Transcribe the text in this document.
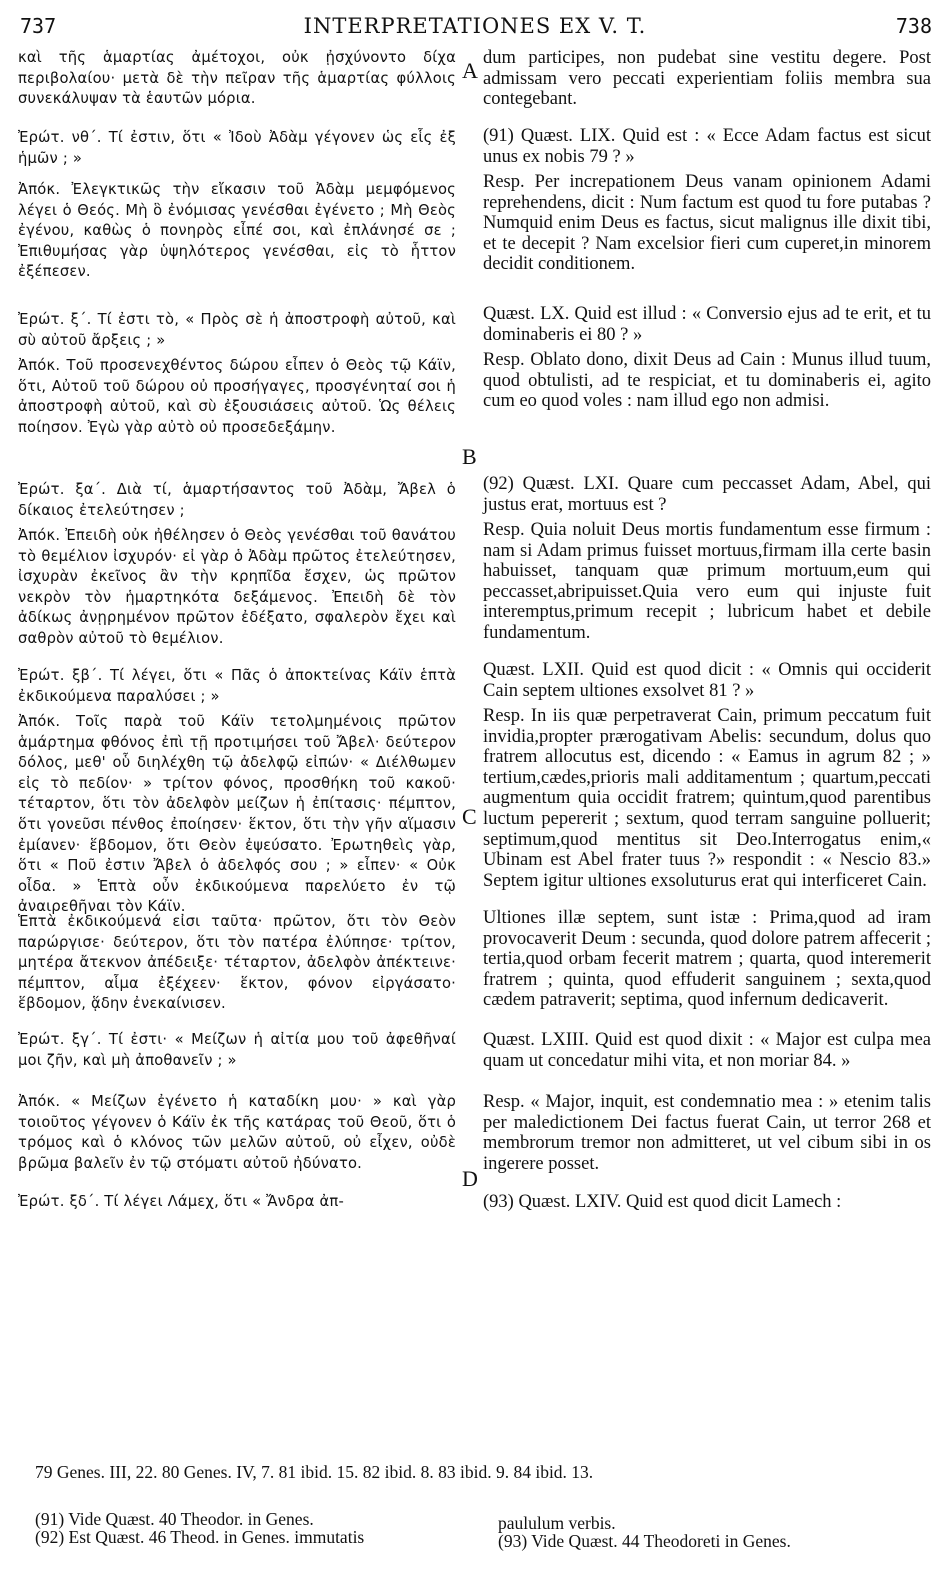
737	INTERPRETATIONES EX V. T.	738
A
B
C
D

καὶ τῆς ἁμαρτίας ἀμέτοχοι, οὐκ ᾐσχύνοντο δίχα περιβολαίου· μετὰ δὲ τὴν πεῖραν τῆς ἁμαρτίας φύλλοις συνεκάλυψαν τὰ ἑαυτῶν μόρια.

Ἐρώτ. νθ΄. Τί ἐστιν, ὅτι « Ἰδοὺ Ἀδὰμ γέγονεν ὡς εἷς ἐξ ἡμῶν ; »

Ἀπόκ. Ἐλεγκτικῶς τὴν εἴκασιν τοῦ Ἀδὰμ μεμφόμενος λέγει ὁ Θεός. Μὴ ὃ ἐνόμισας γενέσθαι ἐγένετο ; Μὴ Θεὸς ἐγένου, καθὼς ὁ πονηρὸς εἶπέ σοι, καὶ ἐπλάνησέ σε ; Ἐπιθυμήσας γὰρ ὑψηλότερος γενέσθαι, εἰς τὸ ἧττον ἐξέπεσεν.

Ἐρώτ. ξ΄. Τί ἐστι τὸ, « Πρὸς σὲ ἡ ἀποστροφὴ αὐτοῦ, καὶ σὺ αὐτοῦ ἄρξεις ; »

Ἀπόκ. Τοῦ προσενεχθέντος δώρου εἶπεν ὁ Θεὸς τῷ Κάϊν, ὅτι, Αὐτοῦ τοῦ δώρου οὐ προσήγαγες, προσγένηταί σοι ἡ ἀποστροφὴ αὐτοῦ, καὶ σὺ ἐξουσιάσεις αὐτοῦ. Ὡς θέλεις ποίησον. Ἐγὼ γὰρ αὐτὸ οὐ προσεδεξάμην.

Ἐρώτ. ξα΄. Διὰ τί, ἁμαρτήσαντος τοῦ Ἀδὰμ, Ἄβελ ὁ δίκαιος ἐτελεύτησεν ;

Ἀπόκ. Ἐπειδὴ οὐκ ἠθέλησεν ὁ Θεὸς γενέσθαι τοῦ θανάτου τὸ θεμέλιον ἰσχυρόν· εἰ γὰρ ὁ Ἀδὰμ πρῶτος ἐτελεύτησεν, ἰσχυρὰν ἐκεῖνος ἂν τὴν κρηπῖδα ἔσχεν, ὡς πρῶτον νεκρὸν τὸν ἡμαρτηκότα δεξάμενος. Ἐπειδὴ δὲ τὸν ἀδίκως ἀνῃρημένον πρῶτον ἐδέξατο, σφαλερὸν ἔχει καὶ σαθρὸν αὐτοῦ τὸ θεμέλιον.

Ἐρώτ. ξβ΄. Τί λέγει, ὅτι « Πᾶς ὁ ἀποκτείνας Κάϊν ἑπτὰ ἐκδικούμενα παραλύσει ; »

Ἀπόκ. Τοῖς παρὰ τοῦ Κάϊν τετολμημένοις πρῶτον ἁμάρτημα φθόνος ἐπὶ τῇ προτιμήσει τοῦ Ἄβελ· δεύτερον δόλος, μεθ' οὗ διηλέχθη τῷ ἀδελφῷ εἰπών· « Διέλθωμεν εἰς τὸ πεδίον· » τρίτον φόνος, προσθήκη τοῦ κακοῦ· τέταρτον, ὅτι τὸν ἀδελφὸν μείζων ἡ ἐπίτασις· πέμπτον, ὅτι γονεῦσι πένθος ἐποίησεν· ἕκτον, ὅτι τὴν γῆν αἵμασιν ἐμίανεν· ἕβδομον, ὅτι Θεὸν ἐψεύσατο. Ἐρωτηθεὶς γὰρ, ὅτι « Ποῦ ἐστιν Ἄβελ ὁ ἀδελφός σου ; » εἶπεν· « Οὐκ οἶδα. » Ἑπτὰ οὖν ἐκδικούμενα παρελύετο ἐν τῷ ἀναιρεθῆναι τὸν Κάϊν.

Ἑπτὰ ἐκδικούμενά εἰσι ταῦτα· πρῶτον, ὅτι τὸν Θεὸν παρώργισε· δεύτερον, ὅτι τὸν πατέρα ἐλύπησε· τρίτον, μητέρα ἄτεκνον ἀπέδειξε· τέταρτον, ἀδελφὸν ἀπέκτεινε· πέμπτον, αἷμα ἐξέχεεν· ἕκτον, φόνον εἰργάσατο· ἕβδομον, ᾅδην ἐνεκαίνισεν.

Ἐρώτ. ξγ΄. Τί ἐστι· « Μείζων ἡ αἰτία μου τοῦ ἀφεθῆναί μοι ζῆν, καὶ μὴ ἀποθανεῖν ; »

Ἀπόκ. « Μείζων ἐγένετο ἡ καταδίκη μου· » καὶ γὰρ τοιοῦτος γέγονεν ὁ Κάϊν ἐκ τῆς κατάρας τοῦ Θεοῦ, ὅτι ὁ τρόμος καὶ ὁ κλόνος τῶν μελῶν αὐτοῦ, οὐ εἶχεν, οὐδὲ βρῶμα βαλεῖν ἐν τῷ στόματι αὐτοῦ ἠδύνατο.

Ἐρώτ. ξδ΄. Τί λέγει Λάμεχ, ὅτι « Ἄνδρα ἀπ-

dum participes, non pudebat sine vestitu degere. Post admissam vero peccati experientiam foliis membra sua contegebant.

(91) Quæst. LIX. Quid est : « Ecce Adam factus est sicut unus ex nobis 79 ? »

Resp. Per increpationem Deus vanam opinionem Adami reprehendens, dicit : Num factum est quod tu fore putabas ? Numquid enim Deus es factus, sicut malignus ille dixit tibi, et te decepit ? Nam excelsior fieri cum cuperet,in minorem decidit conditionem.

Quæst. LX. Quid est illud : « Conversio ejus ad te erit, et tu dominaberis ei 80 ? »

Resp. Oblato dono, dixit Deus ad Cain : Munus illud tuum, quod obtulisti, ad te respiciat, et tu dominaberis ei, agito cum eo quod voles : nam illud ego non admisi.

(92) Quæst. LXI. Quare cum peccasset Adam, Abel, qui justus erat, mortuus est ?

Resp. Quia noluit Deus mortis fundamentum esse firmum : nam si Adam primus fuisset mortuus,firmam illa certe basin habuisset, tanquam quæ primum mortuum,eum qui peccasset,abripuisset.Quia vero eum qui injuste fuit interemptus,primum recepit ; lubricum habet et debile fundamentum.

Quæst. LXII. Quid est quod dicit : « Omnis qui occiderit Cain septem ultiones exsolvet 81 ? »

Resp. In iis quæ perpetraverat Cain, primum peccatum fuit invidia,propter prærogativam Abelis: secundum, dolus quo fratrem allocutus est, dicendo : « Eamus in agrum 82 ; » tertium,cædes,prioris mali additamentum ; quartum,peccati augmentum quia occidit fratrem; quintum,quod parentibus luctum pepererit ; sextum, quod terram sanguine polluerit; septimum,quod mentitus sit Deo.Interrogatus enim,« Ubinam est Abel frater tuus ?» respondit : « Nescio 83.» Septem igitur ultiones exsoluturus erat qui interficeret Cain.

Ultiones illæ septem, sunt istæ : Prima,quod ad iram provocaverit Deum : secunda, quod dolore patrem affecerit ; tertia,quod orbam fecerit matrem ; quarta, quod interemerit fratrem ; quinta, quod effuderit sanguinem ; sexta,quod cædem patraverit; septima, quod infernum dedicaverit.

Quæst. LXIII. Quid est quod dixit : « Major est culpa mea quam ut concedatur mihi vita, et non moriar 84. »

Resp. « Major, inquit, est condemnatio mea : » etenim talis per maledictionem Dei factus fuerat Cain, ut terror 268 et membrorum tremor non admitteret, ut vel cibum sibi in os ingerere posset.

(93) Quæst. LXIV. Quid est quod dicit Lamech :

79 Genes. III, 22. 80 Genes. IV, 7. 81 ibid. 15. 82 ibid. 8. 83 ibid. 9. 84 ibid. 13.

(91) Vide Quæst. 40 Theodor. in Genes.

(92) Est Quæst. 46 Theod. in Genes. immutatis

paululum verbis.

(93) Vide Quæst. 44 Theodoreti in Genes.
